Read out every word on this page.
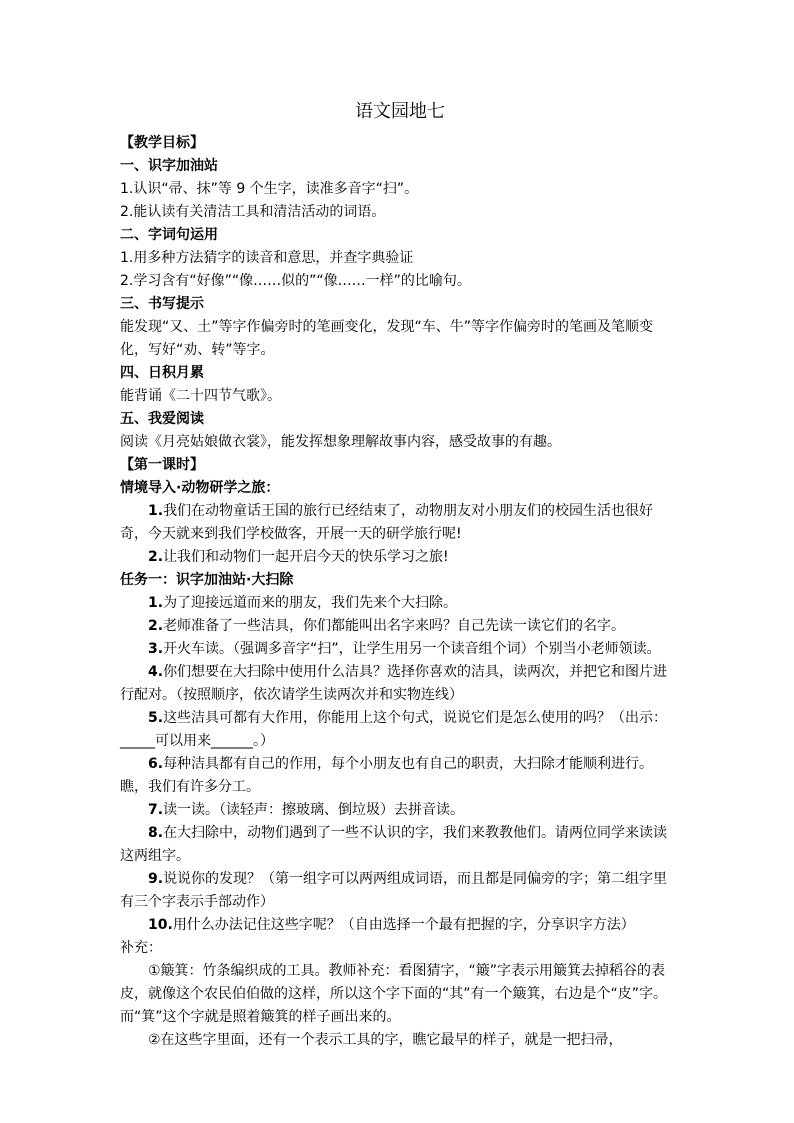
语文园地七

【教学目标】

一、识字加油站

1.认识“帚、抹”等 9 个生字，读准多音字“扫”。

2.能认读有关清洁工具和清洁活动的词语。

二、字词句运用

1.用多种方法猜字的读音和意思，并查字典验证

2.学习含有“好像”“像……似的”“像……一样”的比喻句。

三、书写提示

能发现“又、土”等字作偏旁时的笔画变化，发现“车、牛”等字作偏旁时的笔画及笔顺变化，写好“劝、转”等字。

四、日积月累

能背诵《二十四节气歌》。

五、我爱阅读

阅读《月亮姑娘做衣裳》，能发挥想象理解故事内容，感受故事的有趣。

【第一课时】

情境导入·动物研学之旅：

1.我们在动物童话王国的旅行已经结束了，动物朋友对小朋友们的校园生活也很好奇，今天就来到我们学校做客，开展一天的研学旅行呢!

2.让我们和动物们一起开启今天的快乐学习之旅!

任务一：识字加油站·大扫除

1.为了迎接远道而来的朋友，我们先来个大扫除。

2.老师准备了一些洁具，你们都能叫出名字来吗？自己先读一读它们的名字。

3.开火车读。（强调多音字“扫”，让学生用另一个读音组个词）个别当小老师领读。

4.你们想要在大扫除中使用什么洁具？选择你喜欢的洁具，读两次，并把它和图片进行配对。（按照顺序，依次请学生读两次并和实物连线）

5.这些洁具可都有大作用，你能用上这个句式，说说它们是怎么使用的吗？（出示：_____可以用来______。）

6.每种洁具都有自己的作用，每个小朋友也有自己的职责，大扫除才能顺利进行。瞧，我们有许多分工。

7.读一读。（读轻声：擦玻璃、倒垃圾）去拼音读。

8.在大扫除中，动物们遇到了一些不认识的字，我们来教教他们。请两位同学来读读这两组字。

9.说说你的发现？（第一组字可以两两组成词语，而且都是同偏旁的字；第二组字里有三个字表示手部动作）

10.用什么办法记住这些字呢？（自由选择一个最有把握的字，分享识字方法）

补充：

①簸箕：竹条编织成的工具。教师补充：看图猜字，“簸”字表示用簸箕去掉稻谷的表皮，就像这个农民伯伯做的这样，所以这个字下面的“其”有一个簸箕，右边是个“皮”字。而“箕”这个字就是照着簸箕的样子画出来的。

②在这些字里面，还有一个表示工具的字，瞧它最早的样子，就是一把扫帚，
